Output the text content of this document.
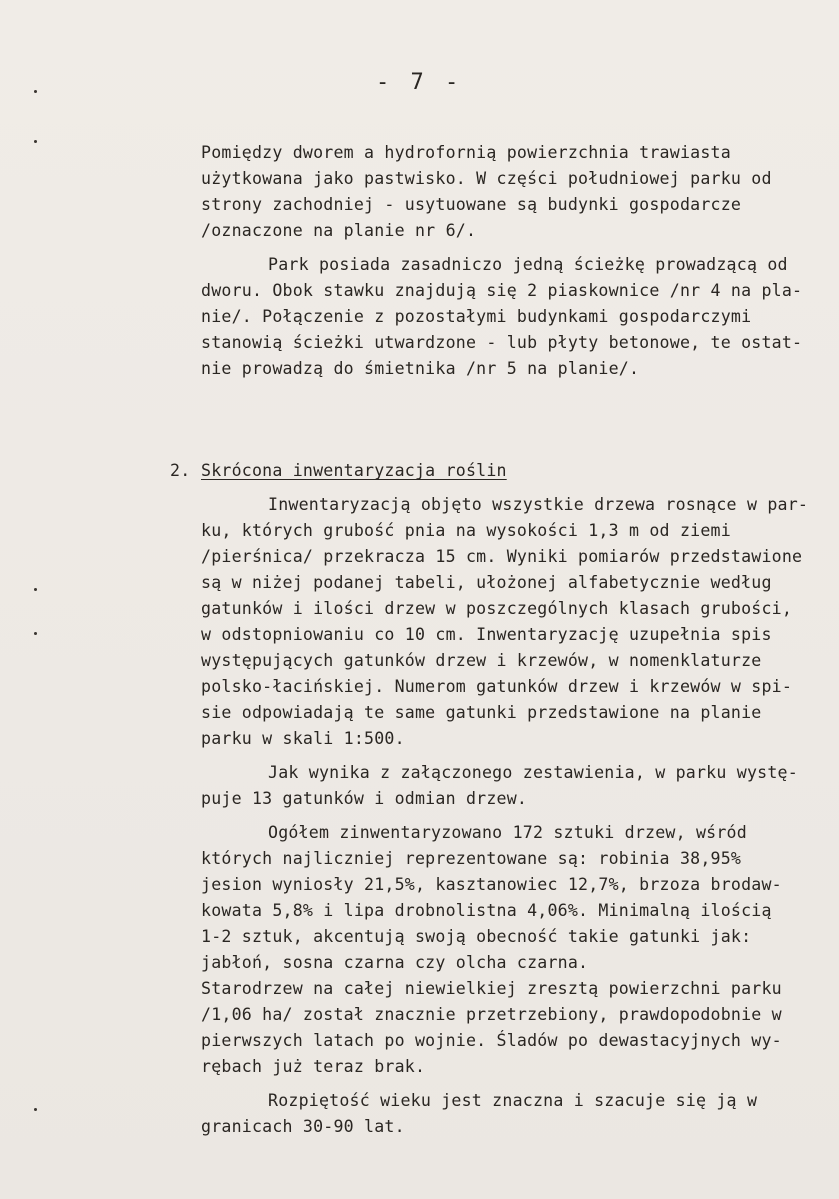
- 7 -
Pomiędzy dworem a hydrofornią powierzchnia trawiasta
użytkowana jako pastwisko. W części południowej parku od
strony zachodniej - usytuowane są budynki gospodarcze
/oznaczone na planie nr 6/.
Park posiada zasadniczo jedną ścieżkę prowadzącą od
dworu. Obok stawku znajdują się 2 piaskownice /nr 4 na pla-
nie/. Połączenie z pozostałymi budynkami gospodarczymi
stanowią ścieżki utwardzone - lub płyty betonowe, te ostat-
nie prowadzą do śmietnika /nr 5 na planie/.
2. Skrócona inwentaryzacja roślin
Inwentaryzacją objęto wszystkie drzewa rosnące w par-
ku, których grubość pnia na wysokości 1,3 m od ziemi
/pierśnica/ przekracza 15 cm. Wyniki pomiarów przedstawione
są w niżej podanej tabeli, ułożonej alfabetycznie według
gatunków i ilości drzew w poszczególnych klasach grubości,
w odstopniowaniu co 10 cm. Inwentaryzację uzupełnia spis
występujących gatunków drzew i krzewów, w nomenklaturze
polsko-łacińskiej. Numerom gatunków drzew i krzewów w spi-
sie odpowiadają te same gatunki przedstawione na planie
parku w skali 1:500.
Jak wynika z załączonego zestawienia, w parku wystę-
puje 13 gatunków i odmian drzew.
Ogółem zinwentaryzowano 172 sztuki drzew, wśród
których najliczniej reprezentowane są: robinia 38,95%
jesion wyniosły 21,5%, kasztanowiec 12,7%, brzoza brodaw-
kowata 5,8% i lipa drobnolistna 4,06%. Minimalną ilością
1-2 sztuk, akcentują swoją obecność takie gatunki jak:
jabłoń, sosna czarna czy olcha czarna.
Starodrzew na całej niewielkiej zresztą powierzchni parku
/1,06 ha/ został znacznie przetrzebiony, prawdopodobnie w
pierwszych latach po wojnie. Śladów po dewastacyjnych wy-
rębach już teraz brak.
Rozpiętość wieku jest znaczna i szacuje się ją w
granicach 30-90 lat.
